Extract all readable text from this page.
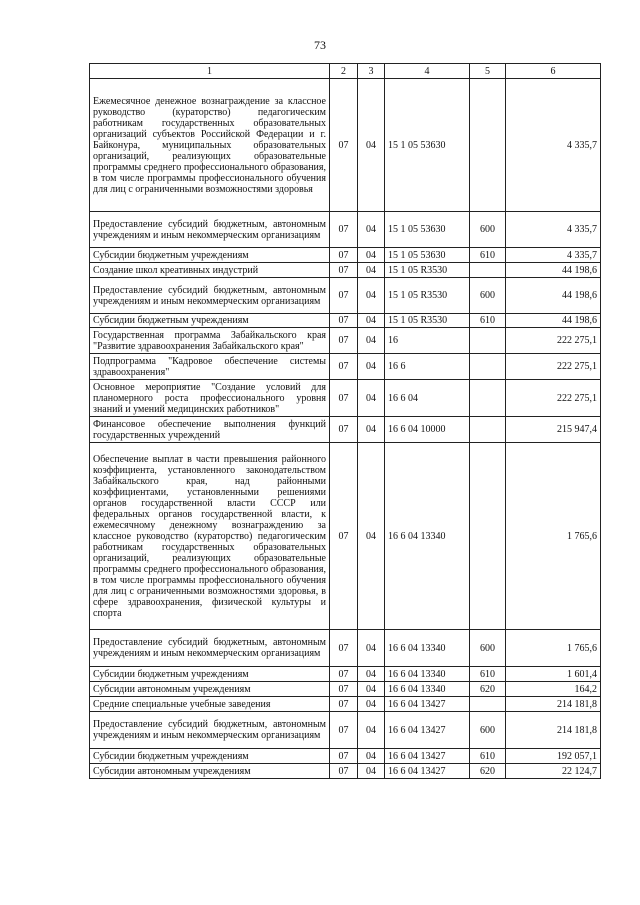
73
1	2	3	4	5	6
Ежемесячное денежное вознаграждение за классное руководство (кураторство) педагогическим работникам государственных образовательных организаций субъектов Российской Федерации и г. Байконура, муниципальных образовательных организаций, реализующих образовательные программы среднего профессионального образования, в том числе программы профессионального обучения для лиц с ограниченными возможностями здоровья	07	04	15 1 05 53630		4 335,7
Предоставление субсидий бюджетным, автономным учреждениям и иным некоммерческим организациям	07	04	15 1 05 53630	600	4 335,7
Субсидии бюджетным учреждениям	07	04	15 1 05 53630	610	4 335,7
Создание школ креативных индустрий	07	04	15 1 05 R3530		44 198,6
Предоставление субсидий бюджетным, автономным учреждениям и иным некоммерческим организациям	07	04	15 1 05 R3530	600	44 198,6
Субсидии бюджетным учреждениям	07	04	15 1 05 R3530	610	44 198,6
Государственная программа Забайкальского края "Развитие здравоохранения Забайкальского края"	07	04	16		222 275,1
Подпрограмма "Кадровое обеспечение системы здравоохранения"	07	04	16 6		222 275,1
Основное мероприятие "Создание условий для планомерного роста профессионального уровня знаний и умений медицинских работников"	07	04	16 6 04		222 275,1
Финансовое обеспечение выполнения функций государственных учреждений	07	04	16 6 04 10000		215 947,4
Обеспечение выплат в части превышения районного коэффициента, установленного законодательством Забайкальского края, над районными коэффициентами, установленными решениями органов государственной власти СССР или федеральных органов государственной власти, к ежемесячному денежному вознаграждению за классное руководство (кураторство) педагогическим работникам государственных образовательных организаций, реализующих образовательные программы среднего профессионального образования, в том числе программы профессионального обучения для лиц с ограниченными возможностями здоровья, в сфере здравоохранения, физической культуры и спорта	07	04	16 6 04 13340		1 765,6
Предоставление субсидий бюджетным, автономным учреждениям и иным некоммерческим организациям	07	04	16 6 04 13340	600	1 765,6
Субсидии бюджетным учреждениям	07	04	16 6 04 13340	610	1 601,4
Субсидии автономным учреждениям	07	04	16 6 04 13340	620	164,2
Средние специальные учебные заведения	07	04	16 6 04 13427		214 181,8
Предоставление субсидий бюджетным, автономным учреждениям и иным некоммерческим организациям	07	04	16 6 04 13427	600	214 181,8
Субсидии бюджетным учреждениям	07	04	16 6 04 13427	610	192 057,1
Субсидии автономным учреждениям	07	04	16 6 04 13427	620	22 124,7
